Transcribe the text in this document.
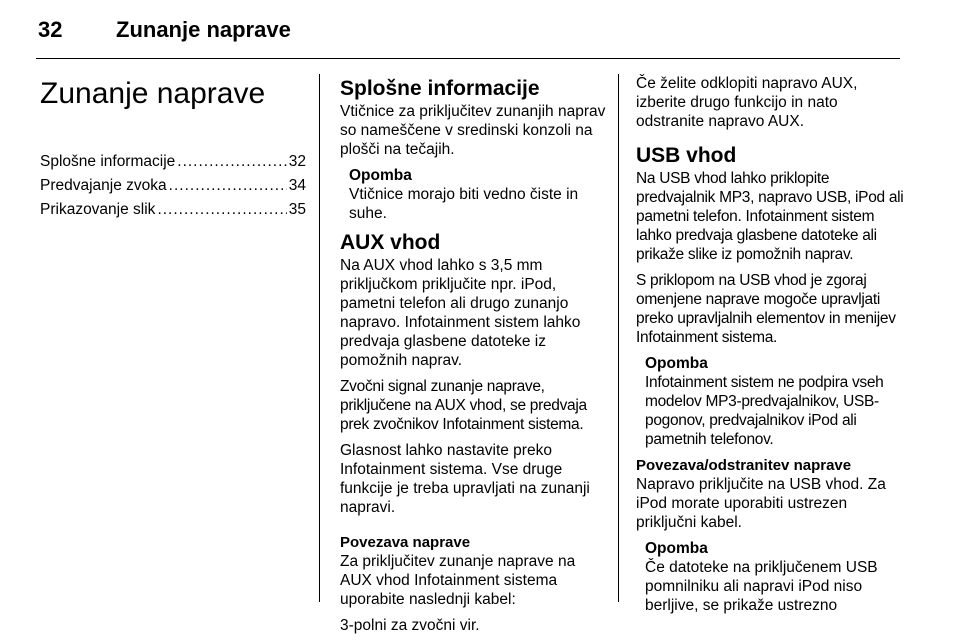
32 Zunanje naprave
Zunanje naprave
Splošne informacije .....	32
Predvajanje zvoka .....	34
Prikazovanje slik .....	35
Splošne informacije
Vtičnice za priključitev zunanjih naprav so nameščene v sredinski konzoli na plošči na tečajih.
Opomba
Vtičnice morajo biti vedno čiste in suhe.
AUX vhod
Na AUX vhod lahko s 3,5 mm priključkom priključite npr. iPod, pametni telefon ali drugo zunanjo napravo. Infotainment sistem lahko predvaja glasbene datoteke iz pomožnih naprav.
Zvočni signal zunanje naprave, priključene na AUX vhod, se predvaja prek zvočnikov Infotainment sistema.
Glasnost lahko nastavite preko Infotainment sistema. Vse druge funkcije je treba upravljati na zunanji napravi.
Povezava naprave
Za priključitev zunanje naprave na AUX vhod Infotainment sistema uporabite naslednji kabel:
3-polni za zvočni vir.
Če želite odklopiti napravo AUX, izberite drugo funkcijo in nato odstranite napravo AUX.
USB vhod
Na USB vhod lahko priklopite predvajalnik MP3, napravo USB, iPod ali pametni telefon. Infotainment sistem lahko predvaja glasbene datoteke ali prikaže slike iz pomožnih naprav.
S priklopom na USB vhod je zgoraj omenjene naprave mogoče upravljati preko upravljalnih elementov in menijev Infotainment sistema.
Opomba
Infotainment sistem ne podpira vseh modelov MP3-predvajalnikov, USB-pogonov, predvajalnikov iPod ali pametnih telefonov.
Povezava/odstranitev naprave
Napravo priključite na USB vhod. Za iPod morate uporabiti ustrezen priključni kabel.
Opomba
Če datoteke na priključenem USB pomnilniku ali napravi iPod niso berljive, se prikaže ustrezno
